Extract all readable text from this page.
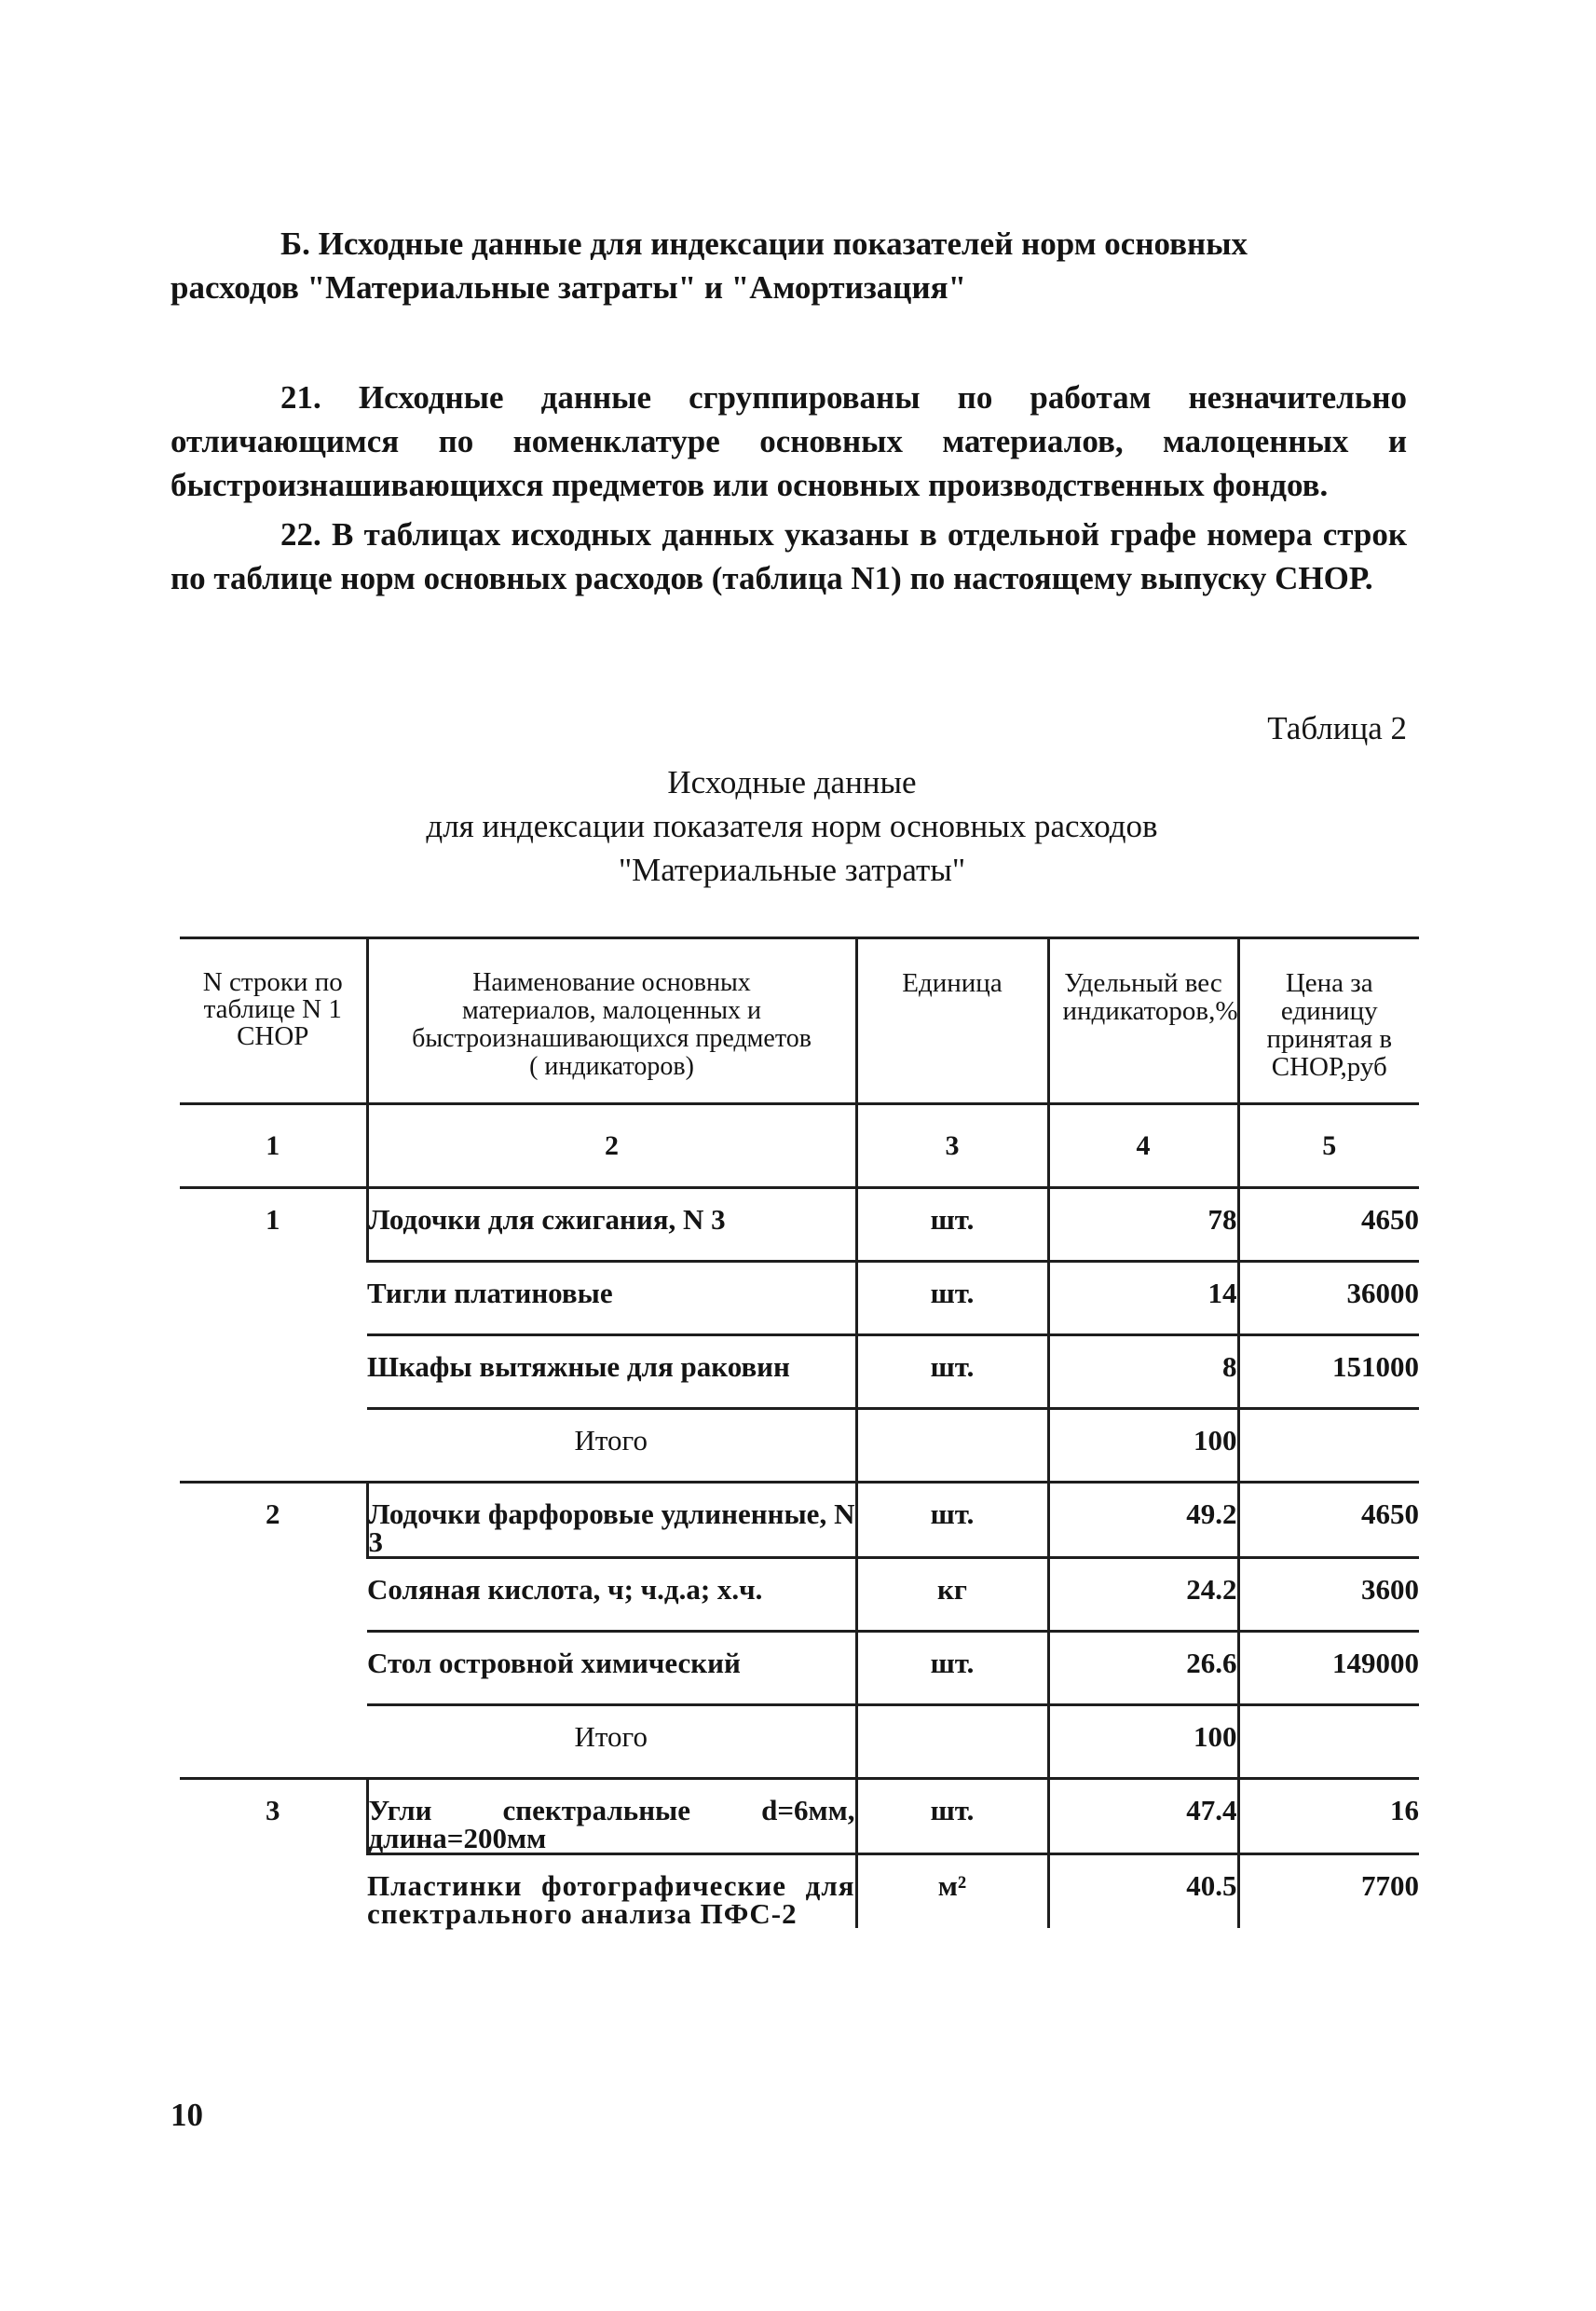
Б. Исходные данные для индексации показателей норм основных
расходов "Материальные затраты" и "Амортизация"
21. Исходные данные сгруппированы по работам незначительно отличающимся по номенклатуре основных материалов, малоценных и быстроизнашивающихся предметов или основных производственных фондов.
22. В таблицах исходных данных указаны в отдельной графе номера строк по таблице норм основных расходов (таблица N1) по настоящему выпуску СНОР.
Таблица 2
Исходные данные
для индексации показателя норм основных расходов
"Материальные затраты"
N строки по таблице N 1 СНОР	Наименование основных материалов, малоценных и быстроизнашивающихся предметов ( индикаторов)	Единица	Удельный вес индикаторов,%	Цена за единицу принятая в СНОР,руб
1	2	3	4	5
1	Лодочки для сжигания, N 3	шт.	78	4650
	Тигли платиновые	шт.	14	36000
	Шкафы вытяжные для раковин	шт.	8	151000
	Итого		100	
2	Лодочки фарфоровые удлиненные, N 3	шт.	49.2	4650
	Соляная кислота, ч; ч.д.а; х.ч.	кг	24.2	3600
	Стол островной химический	шт.	26.6	149000
	Итого		100	
3	Угли спектральные d=6мм, длина=200мм	шт.	47.4	16
	Пластинки фотографические для спектрального анализа ПФС-2	м²	40.5	7700
10
